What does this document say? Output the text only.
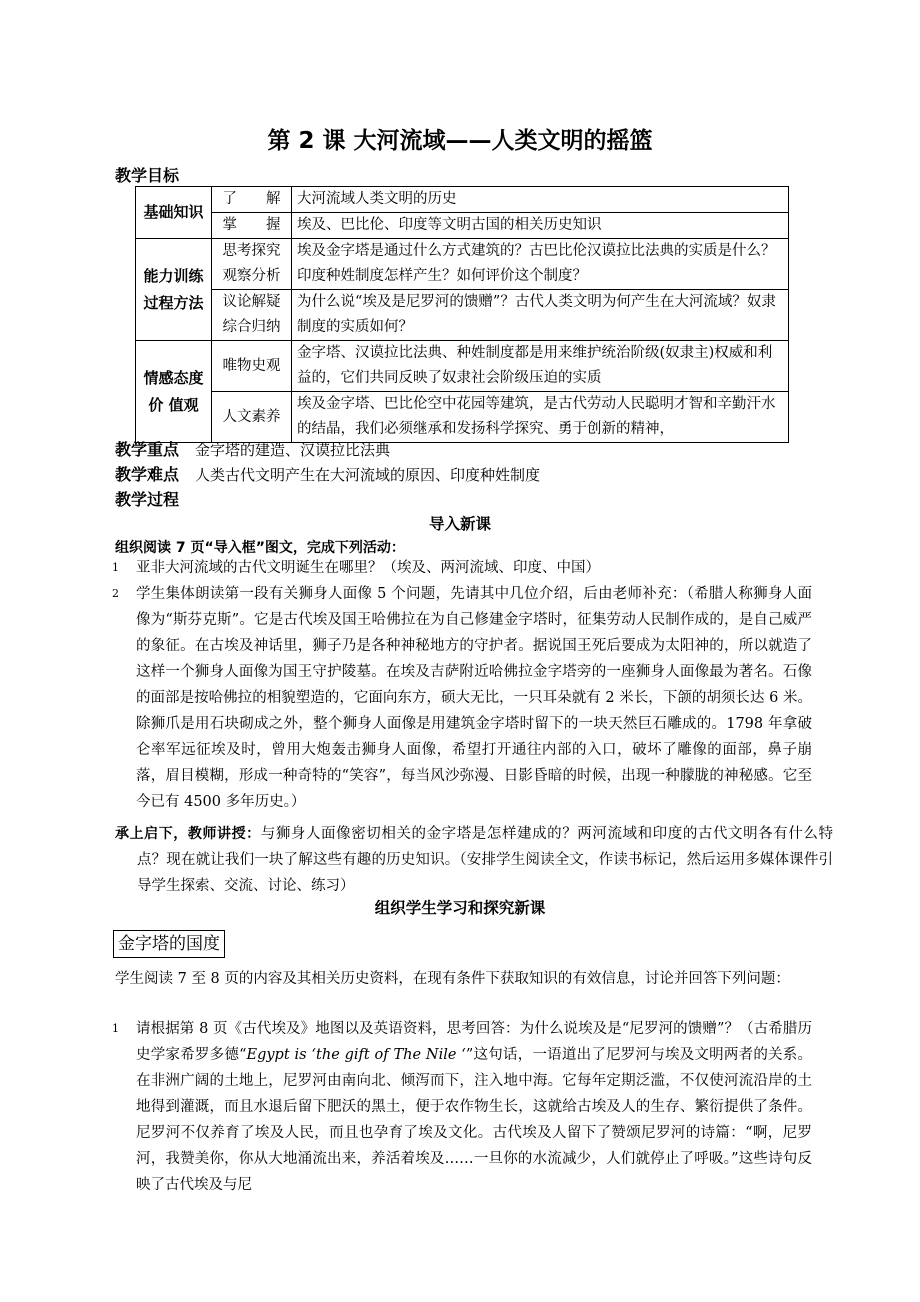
第 2 课 大河流域——人类文明的摇篮
教学目标
基础知识	了　　解	大河流域人类文明的历史
	掌　　握	埃及、巴比伦、印度等文明古国的相关历史知识
能力训练过程方法	思考探究观察分析	埃及金字塔是通过什么方式建筑的？古巴比伦汉谟拉比法典的实质是什么？印度种姓制度怎样产生？如何评价这个制度？
	议论解疑综合归纳	为什么说“埃及是尼罗河的馈赠”？古代人类文明为何产生在大河流域？奴隶制度的实质如何？
情感态度价 值观	唯物史观	金字塔、汉谟拉比法典、种姓制度都是用来维护统治阶级(奴隶主)权威和利益的，它们共同反映了奴隶社会阶级压迫的实质
	人文素养	埃及金字塔、巴比伦空中花园等建筑，是古代劳动人民聪明才智和辛勤汗水的结晶，我们必须继承和发扬科学探究、勇于创新的精神，
教学重点 金字塔的建造、汉谟拉比法典
教学难点 人类古代文明产生在大河流域的原因、印度种姓制度
教学过程
导入新课
组织阅读 7 页“导入框”图文，完成下列活动：
1 亚非大河流域的古代文明诞生在哪里？（埃及、两河流域、印度、中国）
2 学生集体朗读第一段有关狮身人面像 5 个问题，先请其中几位介绍，后由老师补充：（希腊人称狮身人面像为“斯芬克斯”。它是古代埃及国王哈佛拉在为自己修建金字塔时，征集劳动人民制作成的，是自己威严的象征。在古埃及神话里，狮子乃是各种神秘地方的守护者。据说国王死后要成为太阳神的，所以就造了这样一个狮身人面像为国王守护陵墓。在埃及吉萨附近哈佛拉金字塔旁的一座狮身人面像最为著名。石像的面部是按哈佛拉的相貌塑造的，它面向东方，硕大无比，一只耳朵就有 2 米长，下颌的胡须长达 6 米。除狮爪是用石块砌成之外，整个狮身人面像是用建筑金字塔时留下的一块天然巨石雕成的。1798 年拿破仑率军远征埃及时，曾用大炮轰击狮身人面像，希望打开通往内部的入口，破坏了雕像的面部，鼻子崩落，眉目模糊，形成一种奇特的“笑容”，每当风沙弥漫、日影昏暗的时候，出现一种朦胧的神秘感。它至今已有 4500 多年历史。）
承上启下，教师讲授：与狮身人面像密切相关的金字塔是怎样建成的？两河流域和印度的古代文明各有什么特点？现在就让我们一块了解这些有趣的历史知识。（安排学生阅读全文，作读书标记，然后运用多媒体课件引导学生探索、交流、讨论、练习）
组织学生学习和探究新课
金字塔的国度
学生阅读 7 至 8 页的内容及其相关历史资料，在现有条件下获取知识的有效信息，讨论并回答下列问题：
1 请根据第 8 页《古代埃及》地图以及英语资料，思考回答：为什么说埃及是“尼罗河的馈赠”？（古希腊历史学家希罗多德“Egypt is ‘the gift of The Nile ‘”这句话，一语道出了尼罗河与埃及文明两者的关系。在非洲广阔的土地上，尼罗河由南向北、倾泻而下，注入地中海。它每年定期泛滥，不仅使河流沿岸的土地得到灌溉，而且水退后留下肥沃的黑土，便于农作物生长，这就给古埃及人的生存、繁衍提供了条件。尼罗河不仅养育了埃及人民，而且也孕育了埃及文化。古代埃及人留下了赞颂尼罗河的诗篇：“啊，尼罗河，我赞美你，你从大地涌流出来，养活着埃及……一旦你的水流减少，人们就停止了呼吸。”这些诗句反映了古代埃及与尼
